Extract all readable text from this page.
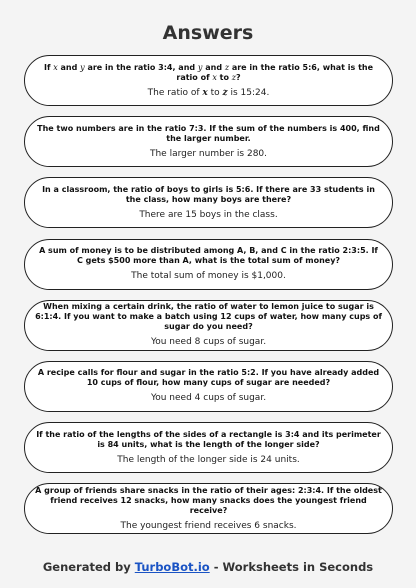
Answers
If x and y are in the ratio 3:4, and y and z are in the ratio 5:6, what is the ratio of x to z?
The ratio of x to z is 15:24.
The two numbers are in the ratio 7:3. If the sum of the numbers is 400, find the larger number.
The larger number is 280.
In a classroom, the ratio of boys to girls is 5:6. If there are 33 students in the class, how many boys are there?
There are 15 boys in the class.
A sum of money is to be distributed among A, B, and C in the ratio 2:3:5. If C gets $500 more than A, what is the total sum of money?
The total sum of money is $1,000.
When mixing a certain drink, the ratio of water to lemon juice to sugar is 6:1:4. If you want to make a batch using 12 cups of water, how many cups of sugar do you need?
You need 8 cups of sugar.
A recipe calls for flour and sugar in the ratio 5:2. If you have already added 10 cups of flour, how many cups of sugar are needed?
You need 4 cups of sugar.
If the ratio of the lengths of the sides of a rectangle is 3:4 and its perimeter is 84 units, what is the length of the longer side?
The length of the longer side is 24 units.
A group of friends share snacks in the ratio of their ages: 2:3:4. If the oldest friend receives 12 snacks, how many snacks does the youngest friend receive?
The youngest friend receives 6 snacks.
Generated by TurboBot.io - Worksheets in Seconds
